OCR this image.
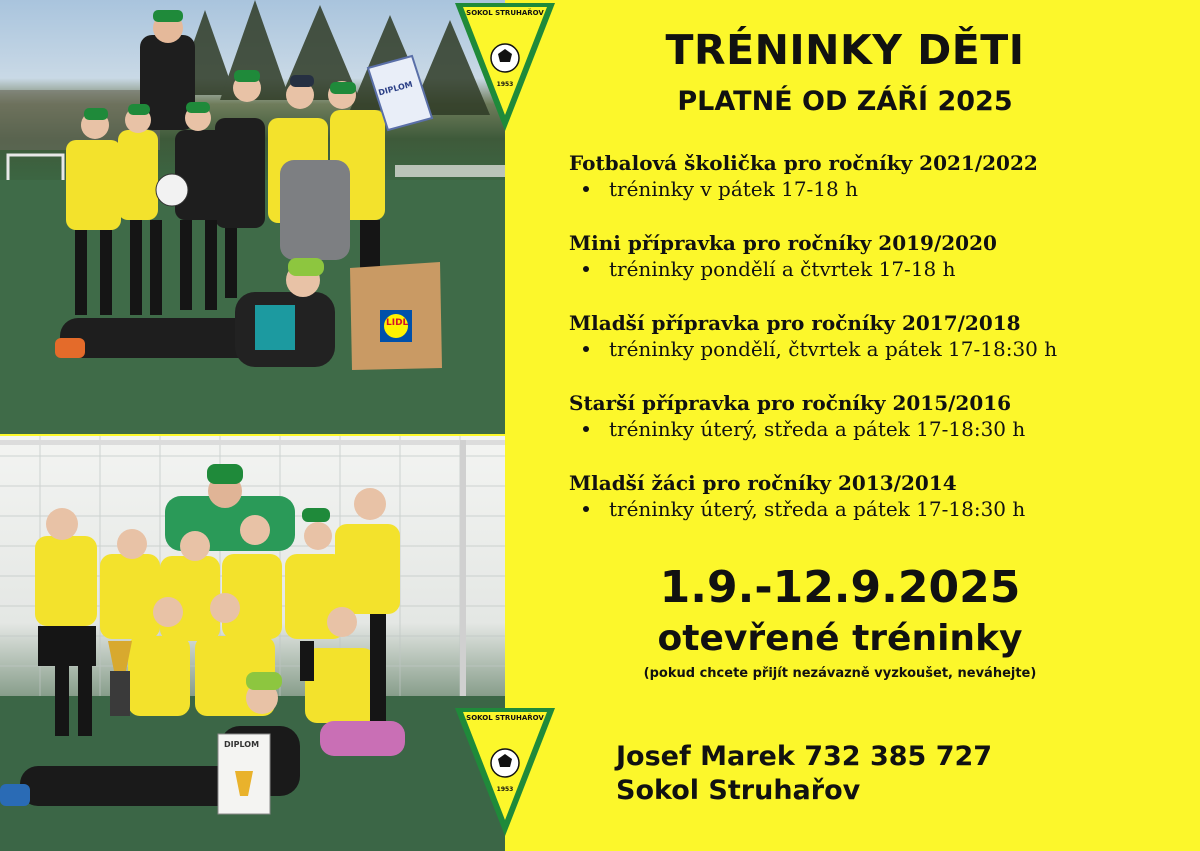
LIDL
DIPLOM
DIPLOM
SOKOL STRUHAŘOV
1953
SOKOL STRUHAŘOV
1953
TRÉNINKY DĚTI
PLATNÉ OD ZÁŘÍ 2025
Fotbalová školička pro ročníky 2021/2022
tréninky v pátek 17-18 h
Mini přípravka pro ročníky 2019/2020
tréninky pondělí a čtvrtek 17-18 h
Mladší přípravka pro ročníky 2017/2018
tréninky pondělí, čtvrtek a pátek 17-18:30 h
Starší přípravka pro ročníky 2015/2016
tréninky úterý, středa a pátek 17-18:30 h
Mladší žáci pro ročníky 2013/2014
tréninky úterý, středa a pátek 17-18:30 h
1.9.-12.9.2025
otevřené tréninky
(pokud chcete přijít nezávazně vyzkoušet, neváhejte)
Josef Marek 732 385 727
Sokol Struhařov
